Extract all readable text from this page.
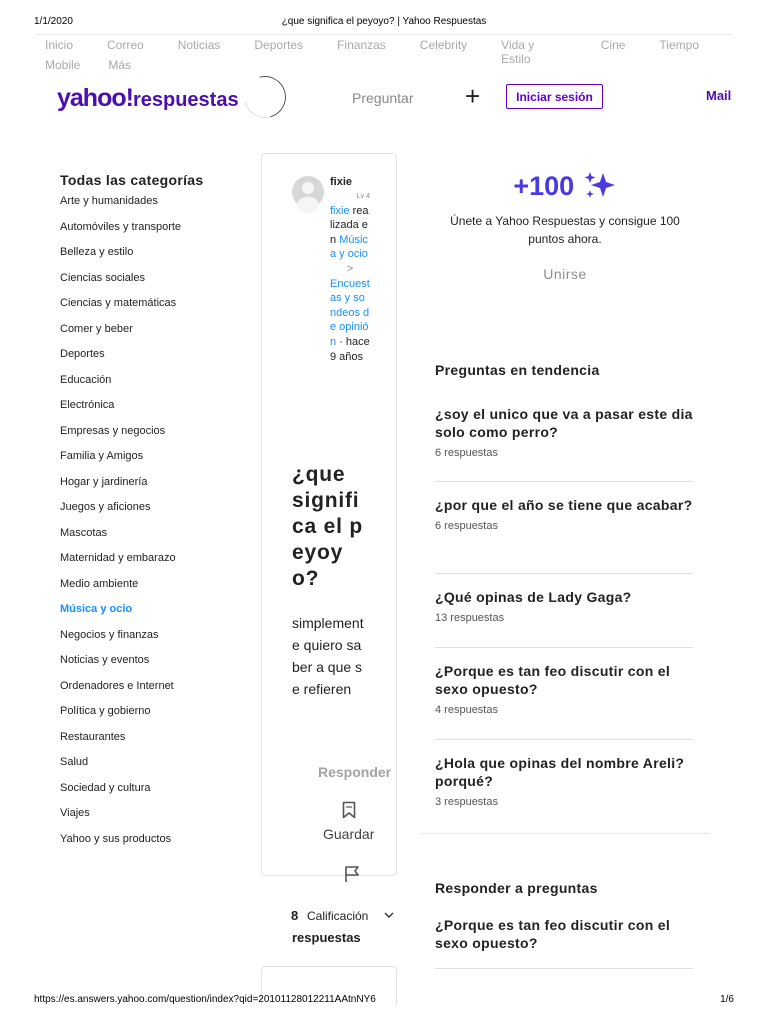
1/1/2020	¿que significa el peyoyo? | Yahoo Respuestas
Inicio	Correo	Noticias	Deportes	Finanzas	Celebrity	Vida y Estilo
Cine	Tiempo
Mobile Más
yahoo!respuestas	Preguntar +	Iniciar sesión	Mail
Todas las categorías
Arte y humanidades
Automóviles y transporte
Belleza y estilo
Ciencias sociales
Ciencias y matemáticas
Comer y beber
Deportes
Educación
Electrónica
Empresas y negocios
Familia y Amigos
Hogar y jardinería
Juegos y aficiones
Mascotas
Maternidad y embarazo
Medio ambiente
Música y ocio
Negocios y finanzas
Noticias y eventos
Ordenadores e Internet
Política y gobierno
Restaurantes
Salud
Sociedad y cultura
Viajes
Yahoo y sus productos
fixie
Lv 4
fixie realizada en Música y ocio
>
Encuestas y sondeos de opinión · hace 9 años
¿que significa el peyoyo?

simplemente quiero saber a que se refieren

Responder
Guardar
8 Calificación
respuestas
+100

Únete a Yahoo Respuestas y consigue 100 puntos ahora.

Unirse
Preguntas en tendencia
¿soy el unico que va a pasar este dia solo como perro?
6 respuestas
¿por que el año se tiene que acabar?
6 respuestas
¿Qué opinas de Lady Gaga?
13 respuestas
¿Porque es tan feo discutir con el sexo opuesto?
4 respuestas
¿Hola que opinas del nombre Areli?porqué?
3 respuestas
Responder a preguntas
¿Porque es tan feo discutir con el sexo opuesto?
https://es.answers.yahoo.com/question/index?qid=20101128012211AAtnNY6	1/6
